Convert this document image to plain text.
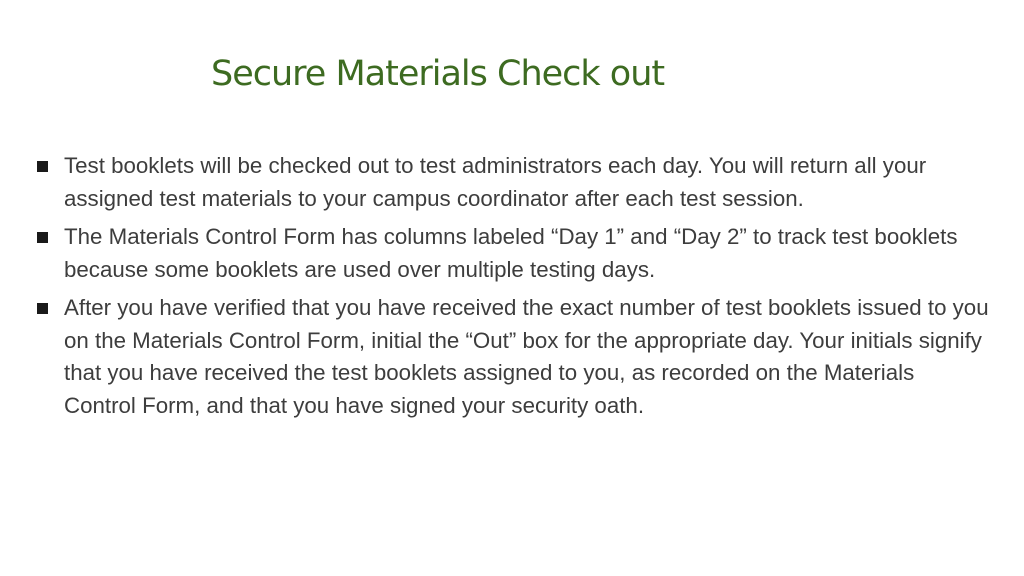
Secure Materials Check out
Test booklets will be checked out to test administrators each day. You will return all your assigned test materials to your campus coordinator after each test session.
The Materials Control Form has columns labeled “Day 1” and “Day 2” to track test booklets because some booklets are used over multiple testing days.
After you have verified that you have received the exact number of test booklets issued to you on the Materials Control Form, initial the “Out” box for the appropriate day. Your initials signify that you have received the test booklets assigned to you, as recorded on the Materials Control Form, and that you have signed your security oath.
